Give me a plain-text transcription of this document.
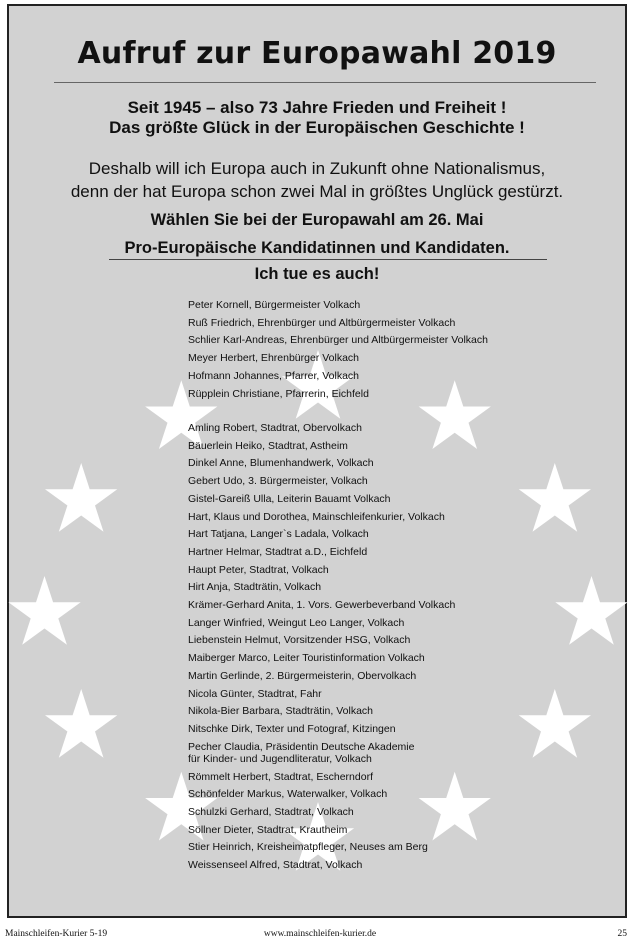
Aufruf zur Europawahl 2019
Seit 1945 – also 73 Jahre Frieden und Freiheit !
Das größte Glück in der Europäischen Geschichte !
Deshalb will ich Europa auch in Zukunft ohne Nationalismus,
denn der hat Europa schon zwei Mal in größtes Unglück gestürzt.
Wählen Sie bei der Europawahl am 26. Mai
Pro-Europäische Kandidatinnen und Kandidaten.
Ich tue es auch!
Peter Kornell, Bürgermeister Volkach
Ruß Friedrich, Ehrenbürger und Altbürgermeister Volkach
Schlier Karl-Andreas, Ehrenbürger und Altbürgermeister Volkach
Meyer Herbert, Ehrenbürger Volkach
Hofmann Johannes, Pfarrer, Volkach
Rüpplein Christiane, Pfarrerin, Eichfeld
Amling Robert, Stadtrat, Obervolkach
Bäuerlein Heiko, Stadtrat, Astheim
Dinkel Anne, Blumenhandwerk, Volkach
Gebert Udo, 3. Bürgermeister, Volkach
Gistel-Gareiß Ulla, Leiterin Bauamt Volkach
Hart, Klaus und Dorothea, Mainschleifenkurier, Volkach
Hart Tatjana, Langer`s Ladala, Volkach
Hartner Helmar, Stadtrat a.D., Eichfeld
Haupt Peter, Stadtrat, Volkach
Hirt Anja, Stadträtin, Volkach
Krämer-Gerhard Anita, 1. Vors. Gewerbeverband Volkach
Langer Winfried, Weingut Leo Langer, Volkach
Liebenstein Helmut, Vorsitzender HSG, Volkach
Maiberger Marco, Leiter Touristinformation Volkach
Martin Gerlinde, 2. Bürgermeisterin, Obervolkach
Nicola Günter, Stadtrat, Fahr
Nikola-Bier Barbara, Stadträtin, Volkach
Nitschke Dirk, Texter und Fotograf, Kitzingen
Pecher Claudia, Präsidentin Deutsche Akademie
für Kinder- und Jugendliteratur, Volkach
Römmelt Herbert, Stadtrat, Escherndorf
Schönfelder Markus, Waterwalker, Volkach
Schulzki Gerhard, Stadtrat, Volkach
Söllner Dieter, Stadtrat, Krautheim
Stier Heinrich, Kreisheimatpfleger, Neuses am Berg
Weissenseel Alfred, Stadtrat, Volkach
Mainschleifen-Kurier 5-19	www.mainschleifen-kurier.de	25
